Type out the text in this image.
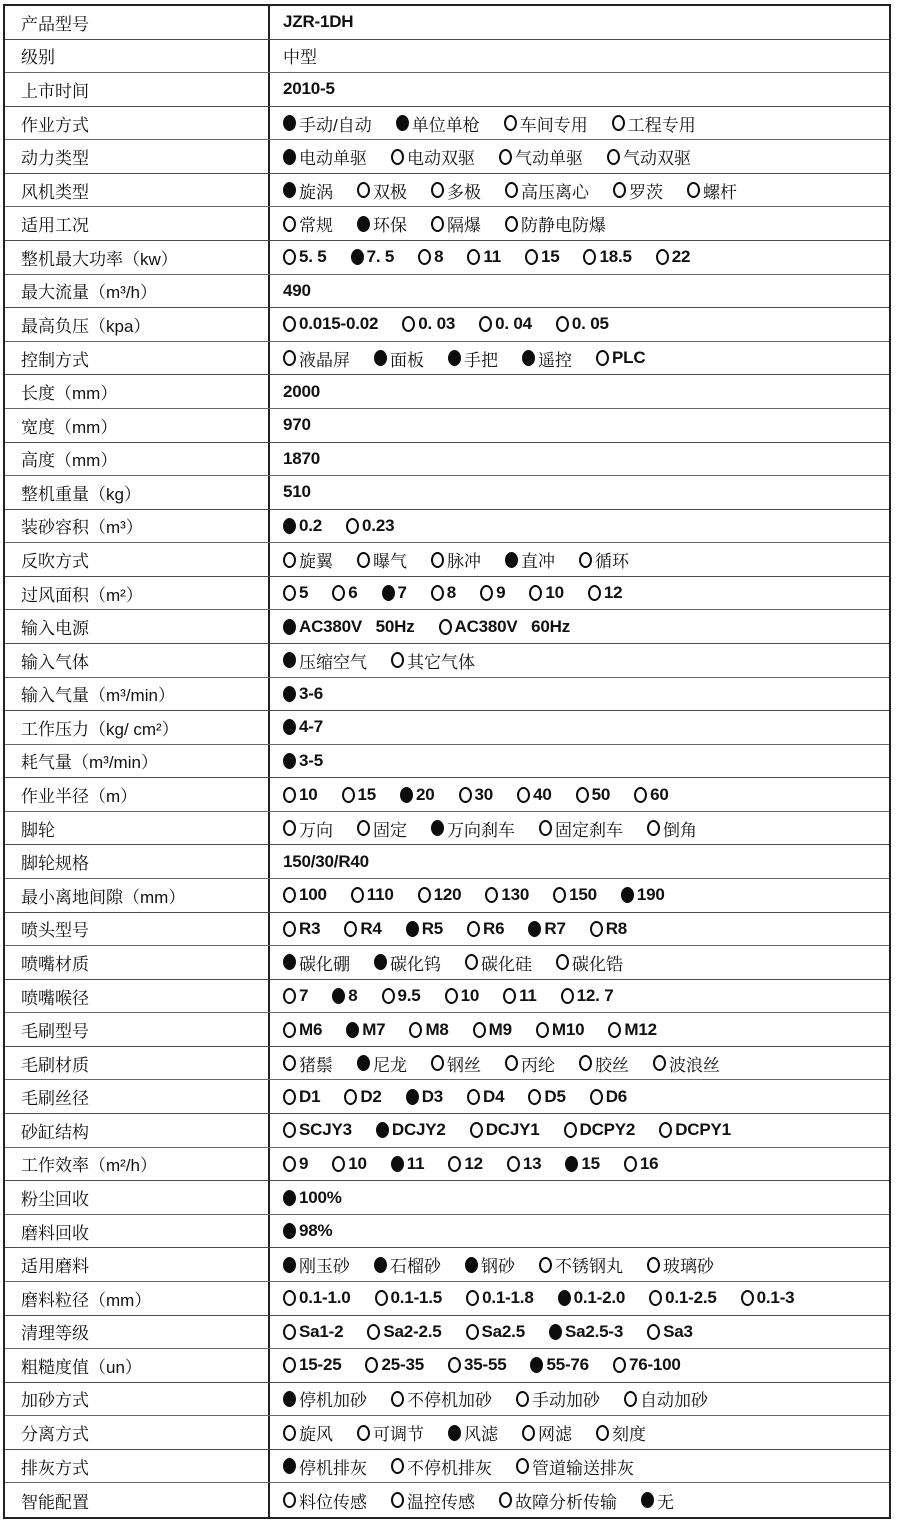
产品型号	JZR-1DH
级别	中型
上市时间	2010-5
作业方式	手动/自动 单位单枪 车间专用 工程专用
动力类型	电动单驱 电动双驱 气动单驱 气动双驱
风机类型	旋涡 双极 多极 高压离心 罗茨 螺杆
适用工况	常规 环保 隔爆 防静电防爆
整机最大功率（kw）	5. 5 7. 5 8 11 15 18.5 22
最大流量（m³/h）	490
最高负压（kpa）	0.015-0.02 0. 03 0. 04 0. 05
控制方式	液晶屏 面板 手把 遥控 PLC
长度（mm）	2000
宽度（mm）	970
高度（mm）	1870
整机重量（kg）	510
装砂容积（m³）	0.2 0.23
反吹方式	旋翼 曝气 脉冲 直冲 循环
过风面积（m²）	5 6 7 8 9 10 12
输入电源	AC380V   50Hz AC380V   60Hz
输入气体	压缩空气 其它气体
输入气量（m³/min）	3-6
工作压力（kg/ cm²）	4-7
耗气量（m³/min）	3-5
作业半径（m）	10 15 20 30 40 50 60
脚轮	万向 固定 万向刹车 固定刹车 倒角
脚轮规格	150/30/R40
最小离地间隙（mm）	100 110 120 130 150 190
喷头型号	R3 R4 R5 R6 R7 R8
喷嘴材质	碳化硼 碳化钨 碳化硅 碳化锆
喷嘴喉径	7 8 9.5 10 11 12. 7
毛刷型号	M6 M7 M8 M9 M10 M12
毛刷材质	猪鬃 尼龙 钢丝 丙纶 胶丝 波浪丝
毛刷丝径	D1 D2 D3 D4 D5 D6
砂缸结构	SCJY3 DCJY2 DCJY1 DCPY2 DCPY1
工作效率（m²/h）	9 10 11 12 13 15 16
粉尘回收	100%
磨料回收	98%
适用磨料	刚玉砂 石榴砂 钢砂 不锈钢丸 玻璃砂
磨料粒径（mm）	0.1-1.0 0.1-1.5 0.1-1.8 0.1-2.0 0.1-2.5 0.1-3
清理等级	Sa1-2 Sa2-2.5 Sa2.5 Sa2.5-3 Sa3
粗糙度值（un）	15-25 25-35 35-55 55-76 76-100
加砂方式	停机加砂 不停机加砂 手动加砂 自动加砂
分离方式	旋风 可调节 风滤 网滤 刻度
排灰方式	停机排灰 不停机排灰 管道输送排灰
智能配置	料位传感 温控传感 故障分析传输 无
